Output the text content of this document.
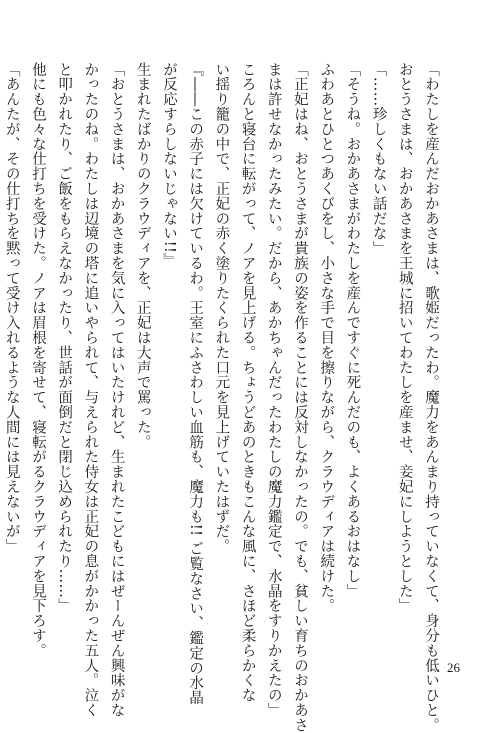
「わたしを産んだおかあさまは、歌姫だったわ。魔力をあんまり持っていなくて、身分も低いひと。
おとうさまは、おかあさまを王城に招いてわたしを産ませ、妾妃にしようとした」
「……珍しくもない話だな」
「そうね。おかあさまがわたしを産んですぐに死んだのも、よくあるおはなし」
ふわあとひとつあくびをし、小さな手で目を擦りながら、クラウディアは続けた。
「正妃はね、おとうさまが貴族の姿を作ることには反対しなかったの。でも、貧しい育ちのおかあさ
まは許せなかったみたい。だから、あかちゃんだったわたしの魔力鑑定で、水晶をすりかえたの」
ころんと寝台に転がって、ノアを見上げる。ちょうどあのときもこんな風に、さほど柔らかくな
い揺り籠の中で、正妃の赤く塗りたくられた口元を見上げていたはずだ。
『――この赤子には欠けているわ。王室にふさわしい血筋も、魔力も!! ご覧なさい、鑑定の水晶
が反応すらしないじゃない!!』
生まれたばかりのクラウディアを、正妃は大声で罵った。
「おとうさまは、おかあさまを気に入ってはいたけれど、生まれたこどもにはぜーんぜん興味がな
かったのね。わたしは辺境の塔に追いやられて、与えられた侍女は正妃の息がかかった五人。泣く
と叩かれたり、ご飯をもらえなかったり、世話が面倒だと閉じ込められたり……」
他にも色々な仕打ちを受けた。ノアは眉根を寄せて、寝転がるクラウディアを見下ろす。
「あんたが、その仕打ちを黙って受け入れるような人間には見えないが」
26
